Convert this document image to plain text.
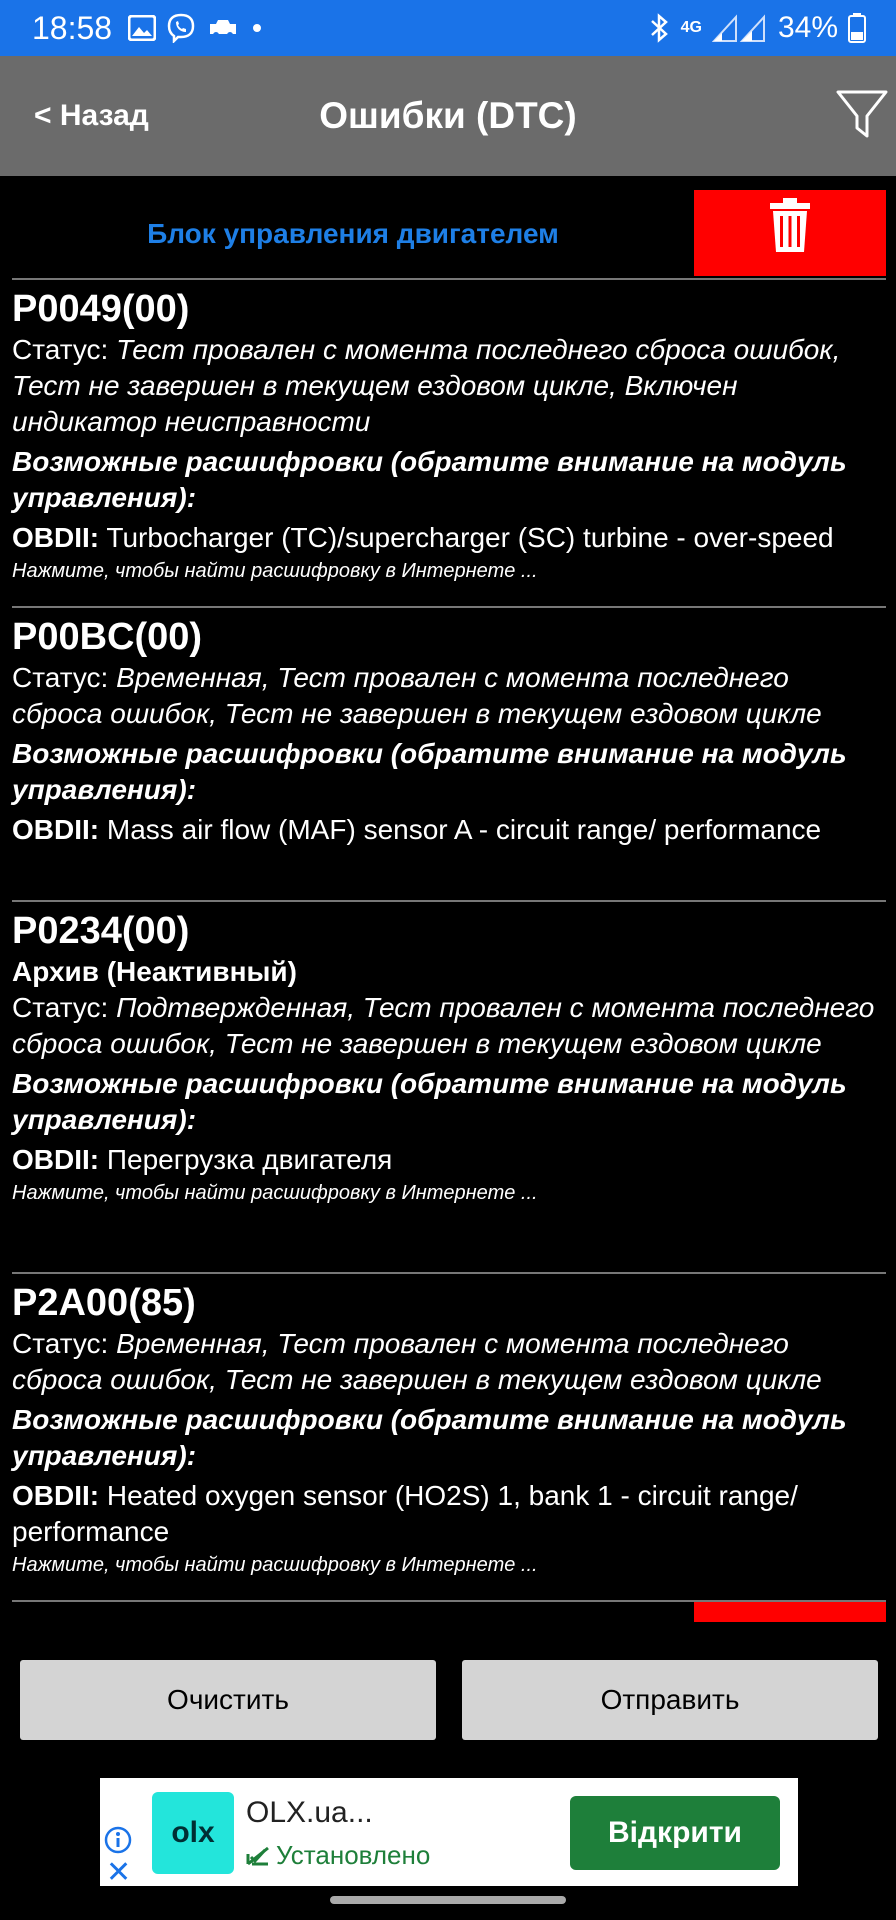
18:58	4G	34%
Ошибки (DTC)
< Назад
Блок управления двигателем
P0049(00)
Статус: Тест провален с момента последнего сброса ошибок, Тест не завершен в текущем ездовом цикле, Включен индикатор неисправности
Возможные расшифровки (обратите внимание на модуль управления):
OBDII: Turbocharger (TC)/supercharger (SC) turbine - over-speed
Нажмите, чтобы найти расшифровку в Интернете ...
P00BC(00)
Статус: Временная, Тест провален с момента последнего сброса ошибок, Тест не завершен в текущем ездовом цикле
Возможные расшифровки (обратите внимание на модуль управления):
OBDII: Mass air flow (MAF) sensor A - circuit range/ performance
P0234(00)
Архив (Неактивный)
Статус: Подтвержденная, Тест провален с момента последнего сброса ошибок, Тест не завершен в текущем ездовом цикле
Возможные расшифровки (обратите внимание на модуль управления):
OBDII: Перегрузка двигателя
Нажмите, чтобы найти расшифровку в Интернете ...
P2A00(85)
Статус: Временная, Тест провален с момента последнего сброса ошибок, Тест не завершен в текущем ездовом цикле
Возможные расшифровки (обратите внимание на модуль управления):
OBDII: Heated oxygen sensor (HO2S) 1, bank 1 - circuit range/ performance
Нажмите, чтобы найти расшифровку в Интернете ...
Очистить	Отправить
✕
olx
OLX.ua...
Установлено
Відкрити
